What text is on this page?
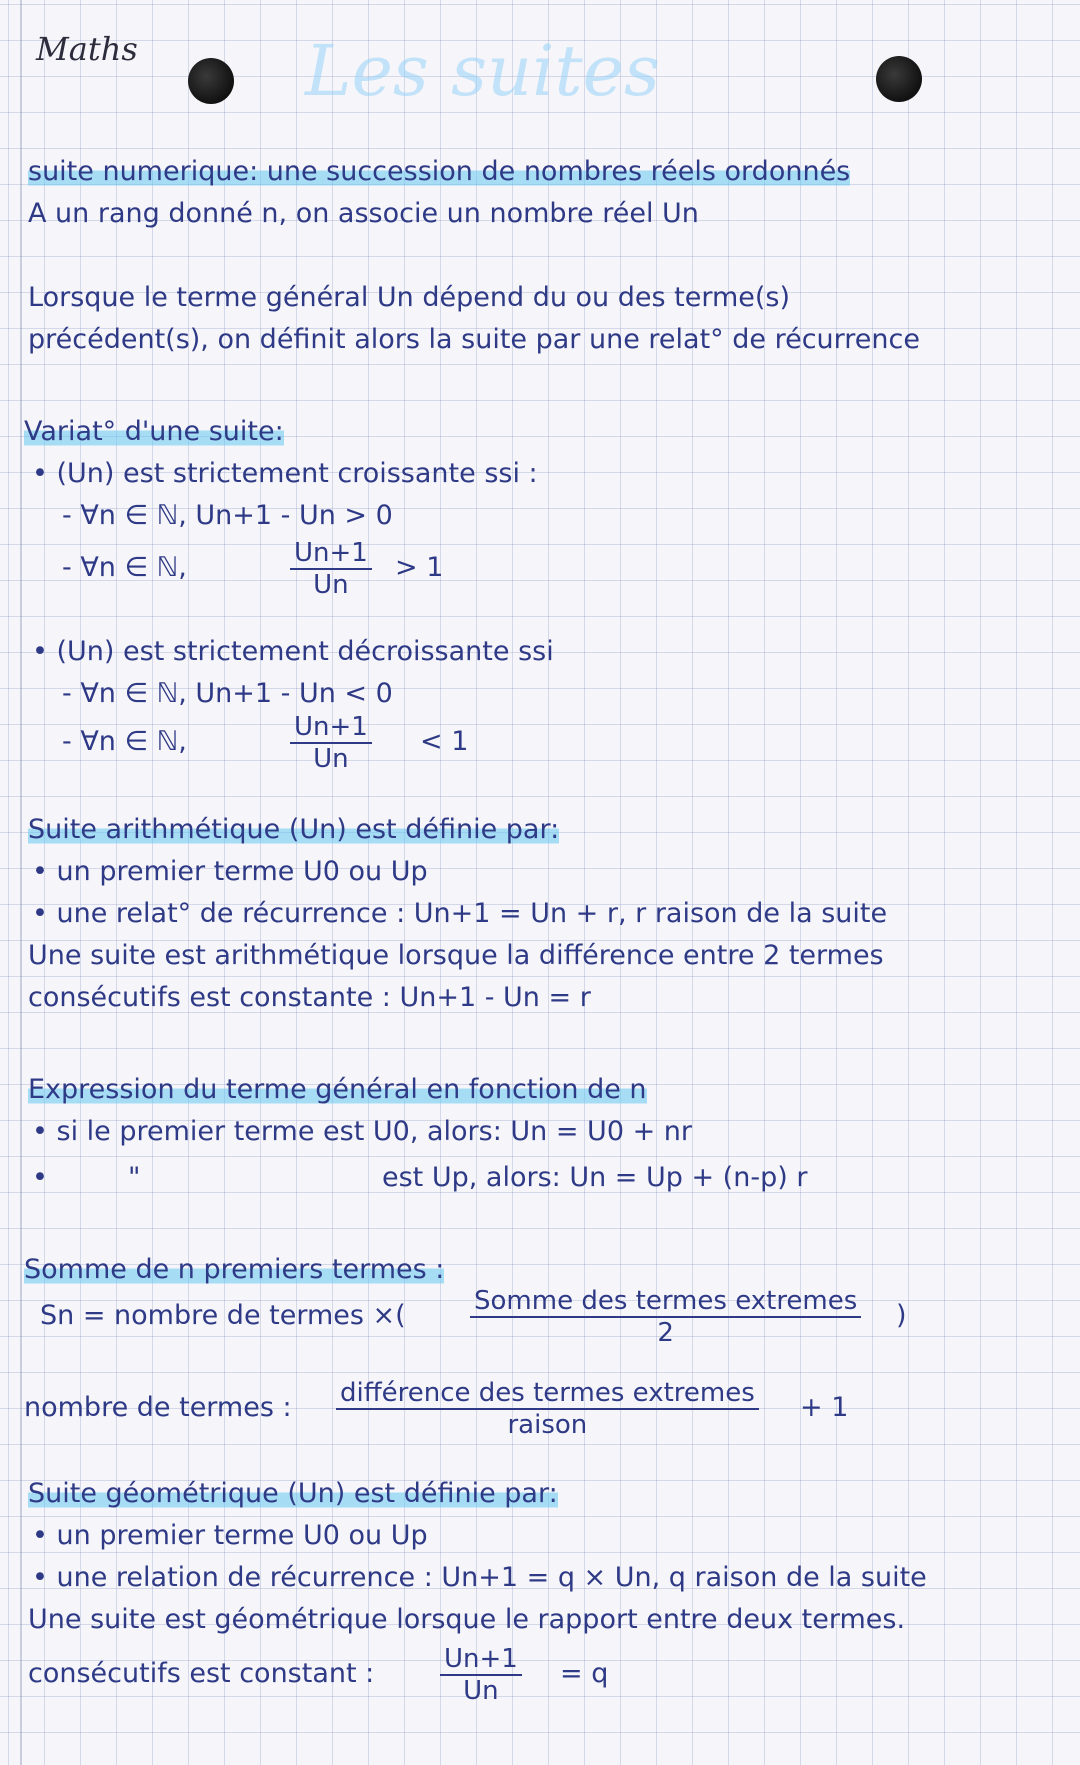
Maths Les suites
suite numerique: une succession de nombres réels ordonnés
A un rang donné n, on associe un nombre réel Un
Lorsque le terme général Un dépend du ou des terme(s)
précédent(s), on définit alors la suite par une relat° de récurrence
Variat° d'une suite:
• (Un) est strictement croissante ssi :
- ∀n ∈ ℕ, Un+1 - Un > 0
- ∀n ∈ ℕ,	$\frac{Un+1}{Un} > 1$
• (Un) est strictement décroissante ssi
- ∀n ∈ ℕ, Un+1 - Un < 0
- ∀n ∈ ℕ,	$\frac{Un+1}{Un} < 1$
Suite arithmétique (Un) est définie par:
• un premier terme U0 ou Up
• une relat° de récurrence : Un+1 = Un + r, r raison de la suite
Une suite est arithmétique lorsque la différence entre 2 termes
consécutifs est constante : Un+1 - Un = r
Expression du terme général en fonction de n
• si le premier terme est U0, alors: Un = U0 + nr
•	"	est Up, alors: Un = Up + (n-p) r
Somme de n premiers termes :
Sn = nombre de termes ×(	Somme des termes extremes
2
)
nombre de termes : différence des termes extremes
raison
+ 1
Suite géométrique (Un) est définie par:
• un premier terme U0 ou Up
• une relation de récurrence : Un+1 = q × Un, q raison de la suite
Une suite est géométrique lorsque le rapport entre deux termes.
consécutifs est constant :	$\frac{Un+1}{Un} = q$
